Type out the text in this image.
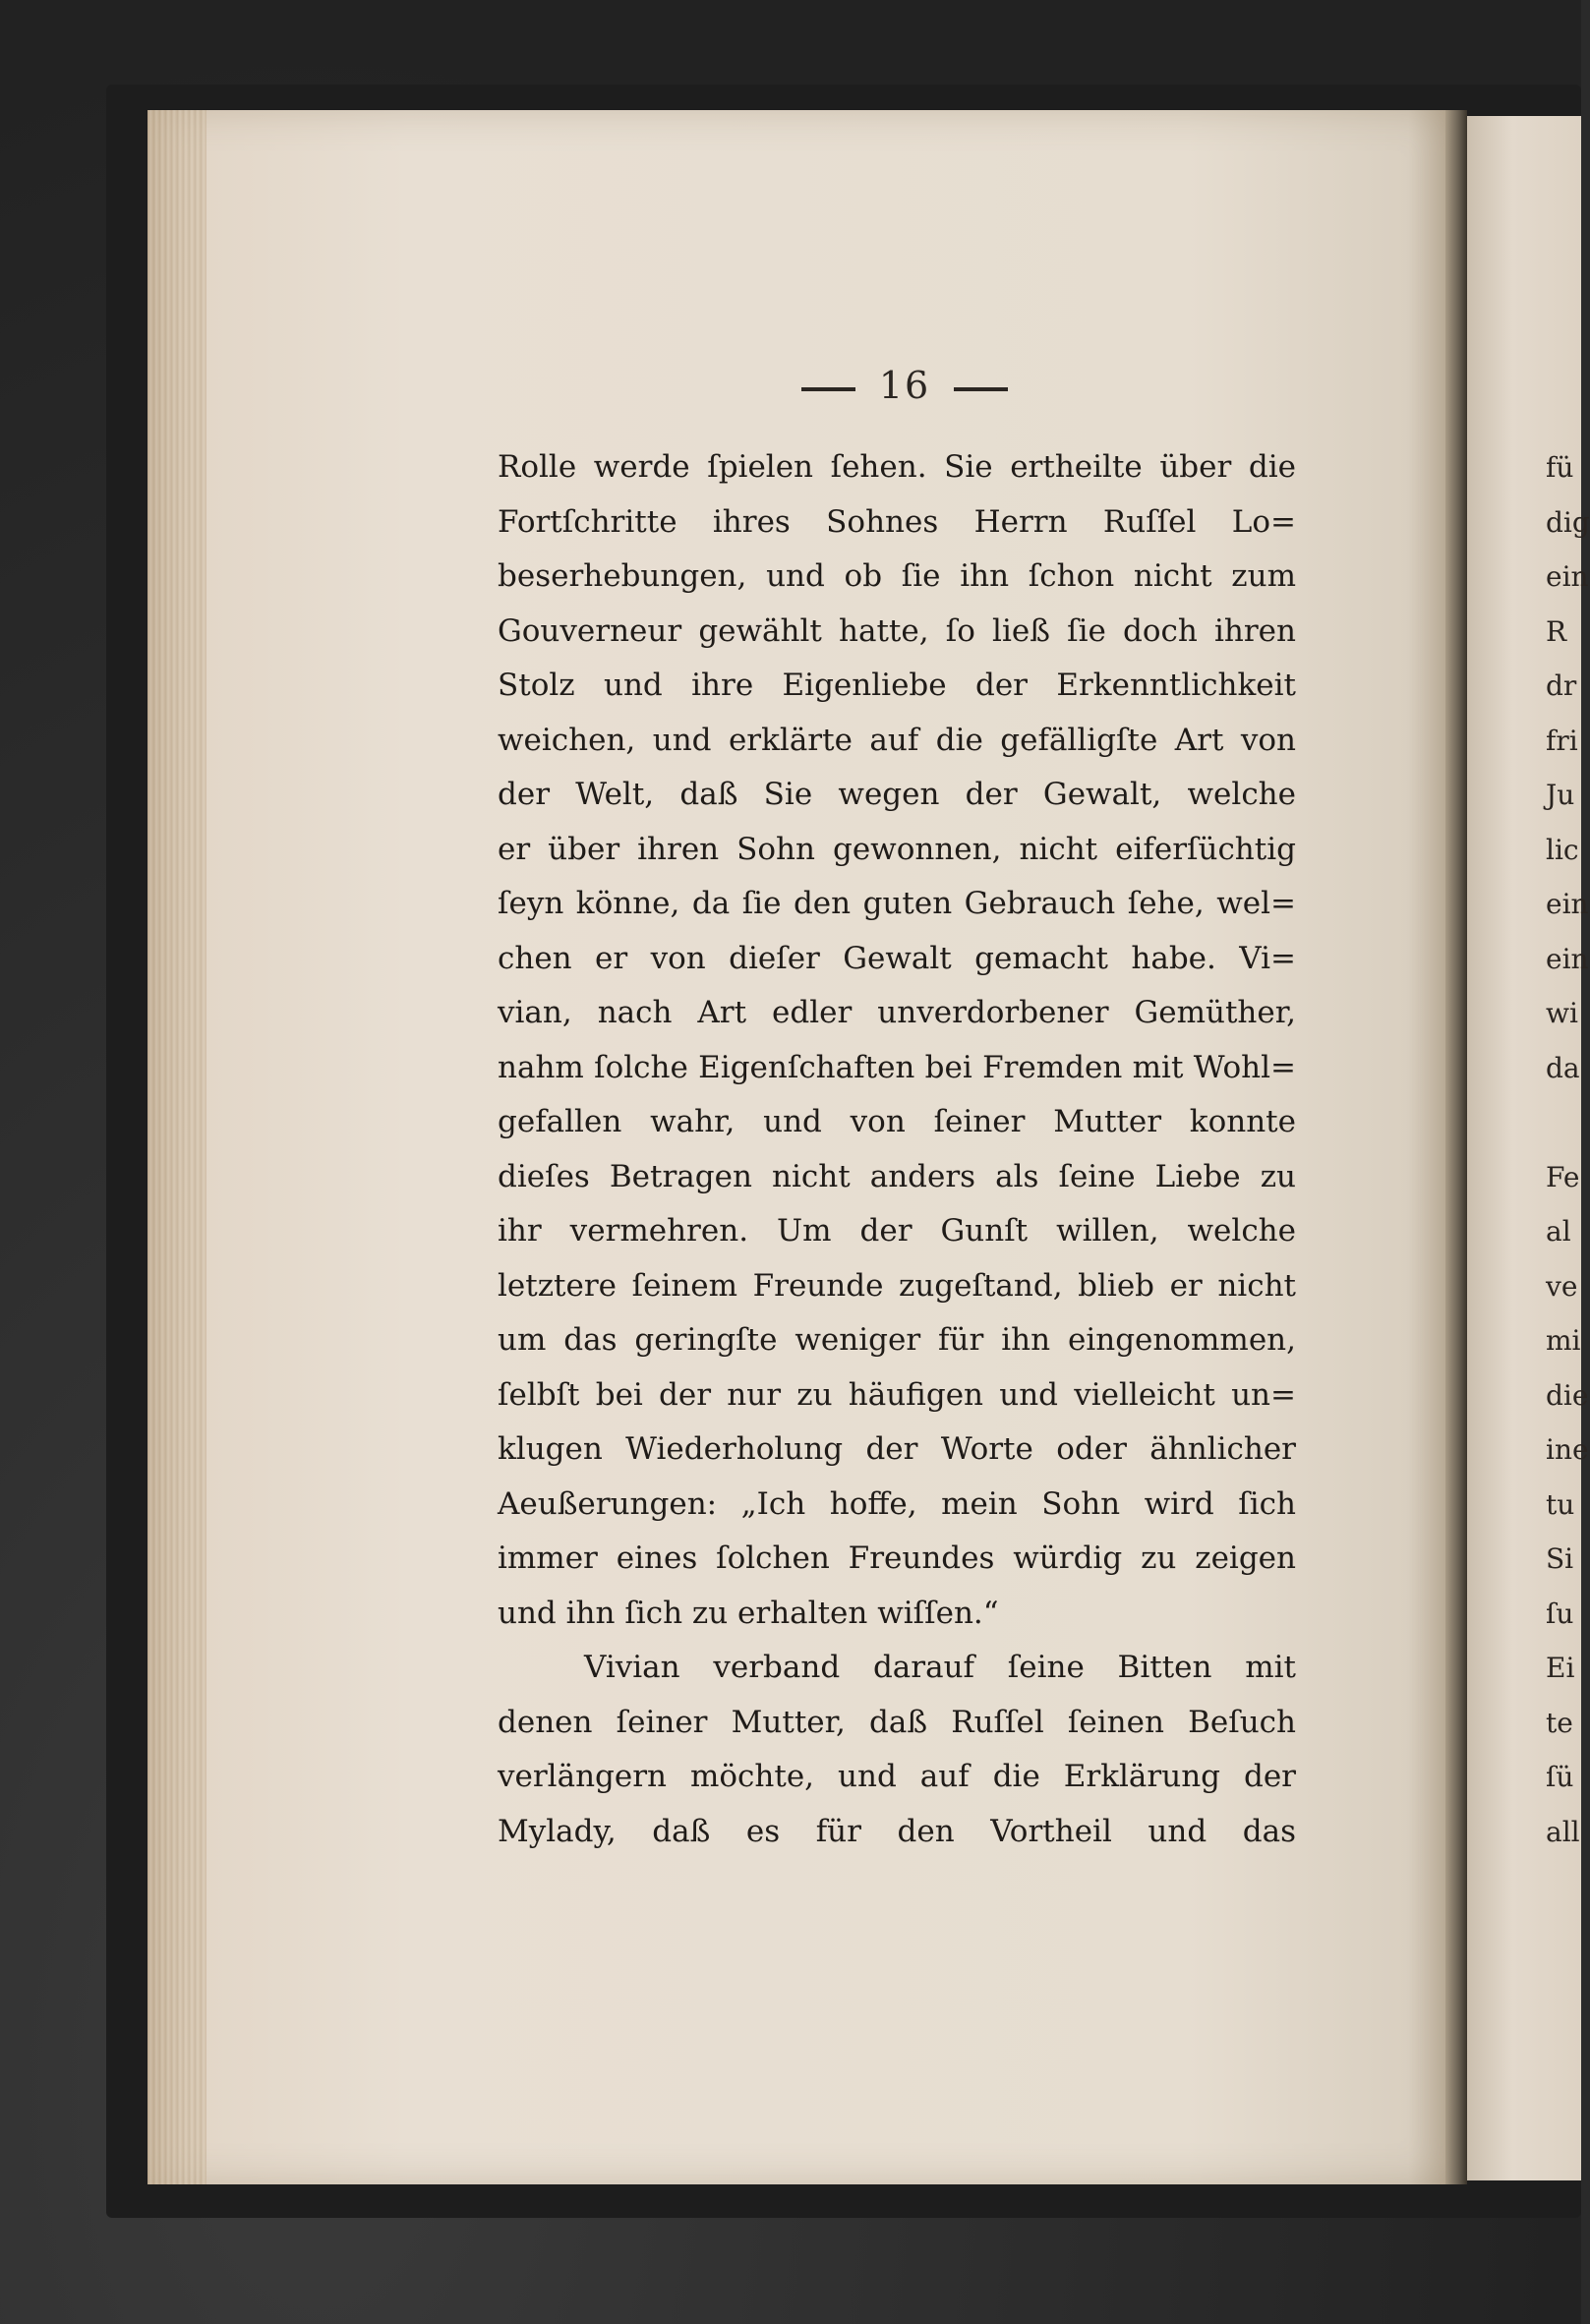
16
Rolle werde ſpielen ſehen. Sie ertheilte über die
Fortſchritte ihres Sohnes Herrn Ruſſel Lo=
beserhebungen, und ob ſie ihn ſchon nicht zum
Gouverneur gewählt hatte, ſo ließ ſie doch ihren
Stolz und ihre Eigenliebe der Erkenntlichkeit
weichen, und erklärte auf die gefälligſte Art von
der Welt, daß Sie wegen der Gewalt, welche
er über ihren Sohn gewonnen, nicht eiferſüchtig
ſeyn könne, da ſie den guten Gebrauch ſehe, wel=
chen er von dieſer Gewalt gemacht habe. Vi=
vian, nach Art edler unverdorbener Gemüther,
nahm ſolche Eigenſchaften bei Fremden mit Wohl=
gefallen wahr, und von ſeiner Mutter konnte
dieſes Betragen nicht anders als ſeine Liebe zu
ihr vermehren. Um der Gunſt willen, welche
letztere ſeinem Freunde zugeſtand, blieb er nicht
um das geringſte weniger für ihn eingenommen,
ſelbſt bei der nur zu häufigen und vielleicht un=
klugen Wiederholung der Worte oder ähnlicher
Aeußerungen: „Ich hoffe, mein Sohn wird ſich
immer eines ſolchen Freundes würdig zu zeigen
und ihn ſich zu erhalten wiſſen.“
Vivian verband darauf ſeine Bitten mit
denen ſeiner Mutter, daß Ruſſel ſeinen Beſuch
verlängern möchte, und auf die Erklärung der
Mylady, daß es für den Vortheil und das
fü
dig
ein
R
dr
fri
Ju
lic
ein
ein
wi
da
Fe
al
ve
mi
die
ine
tu
Si
ſu
Ei
te
ſü
all
